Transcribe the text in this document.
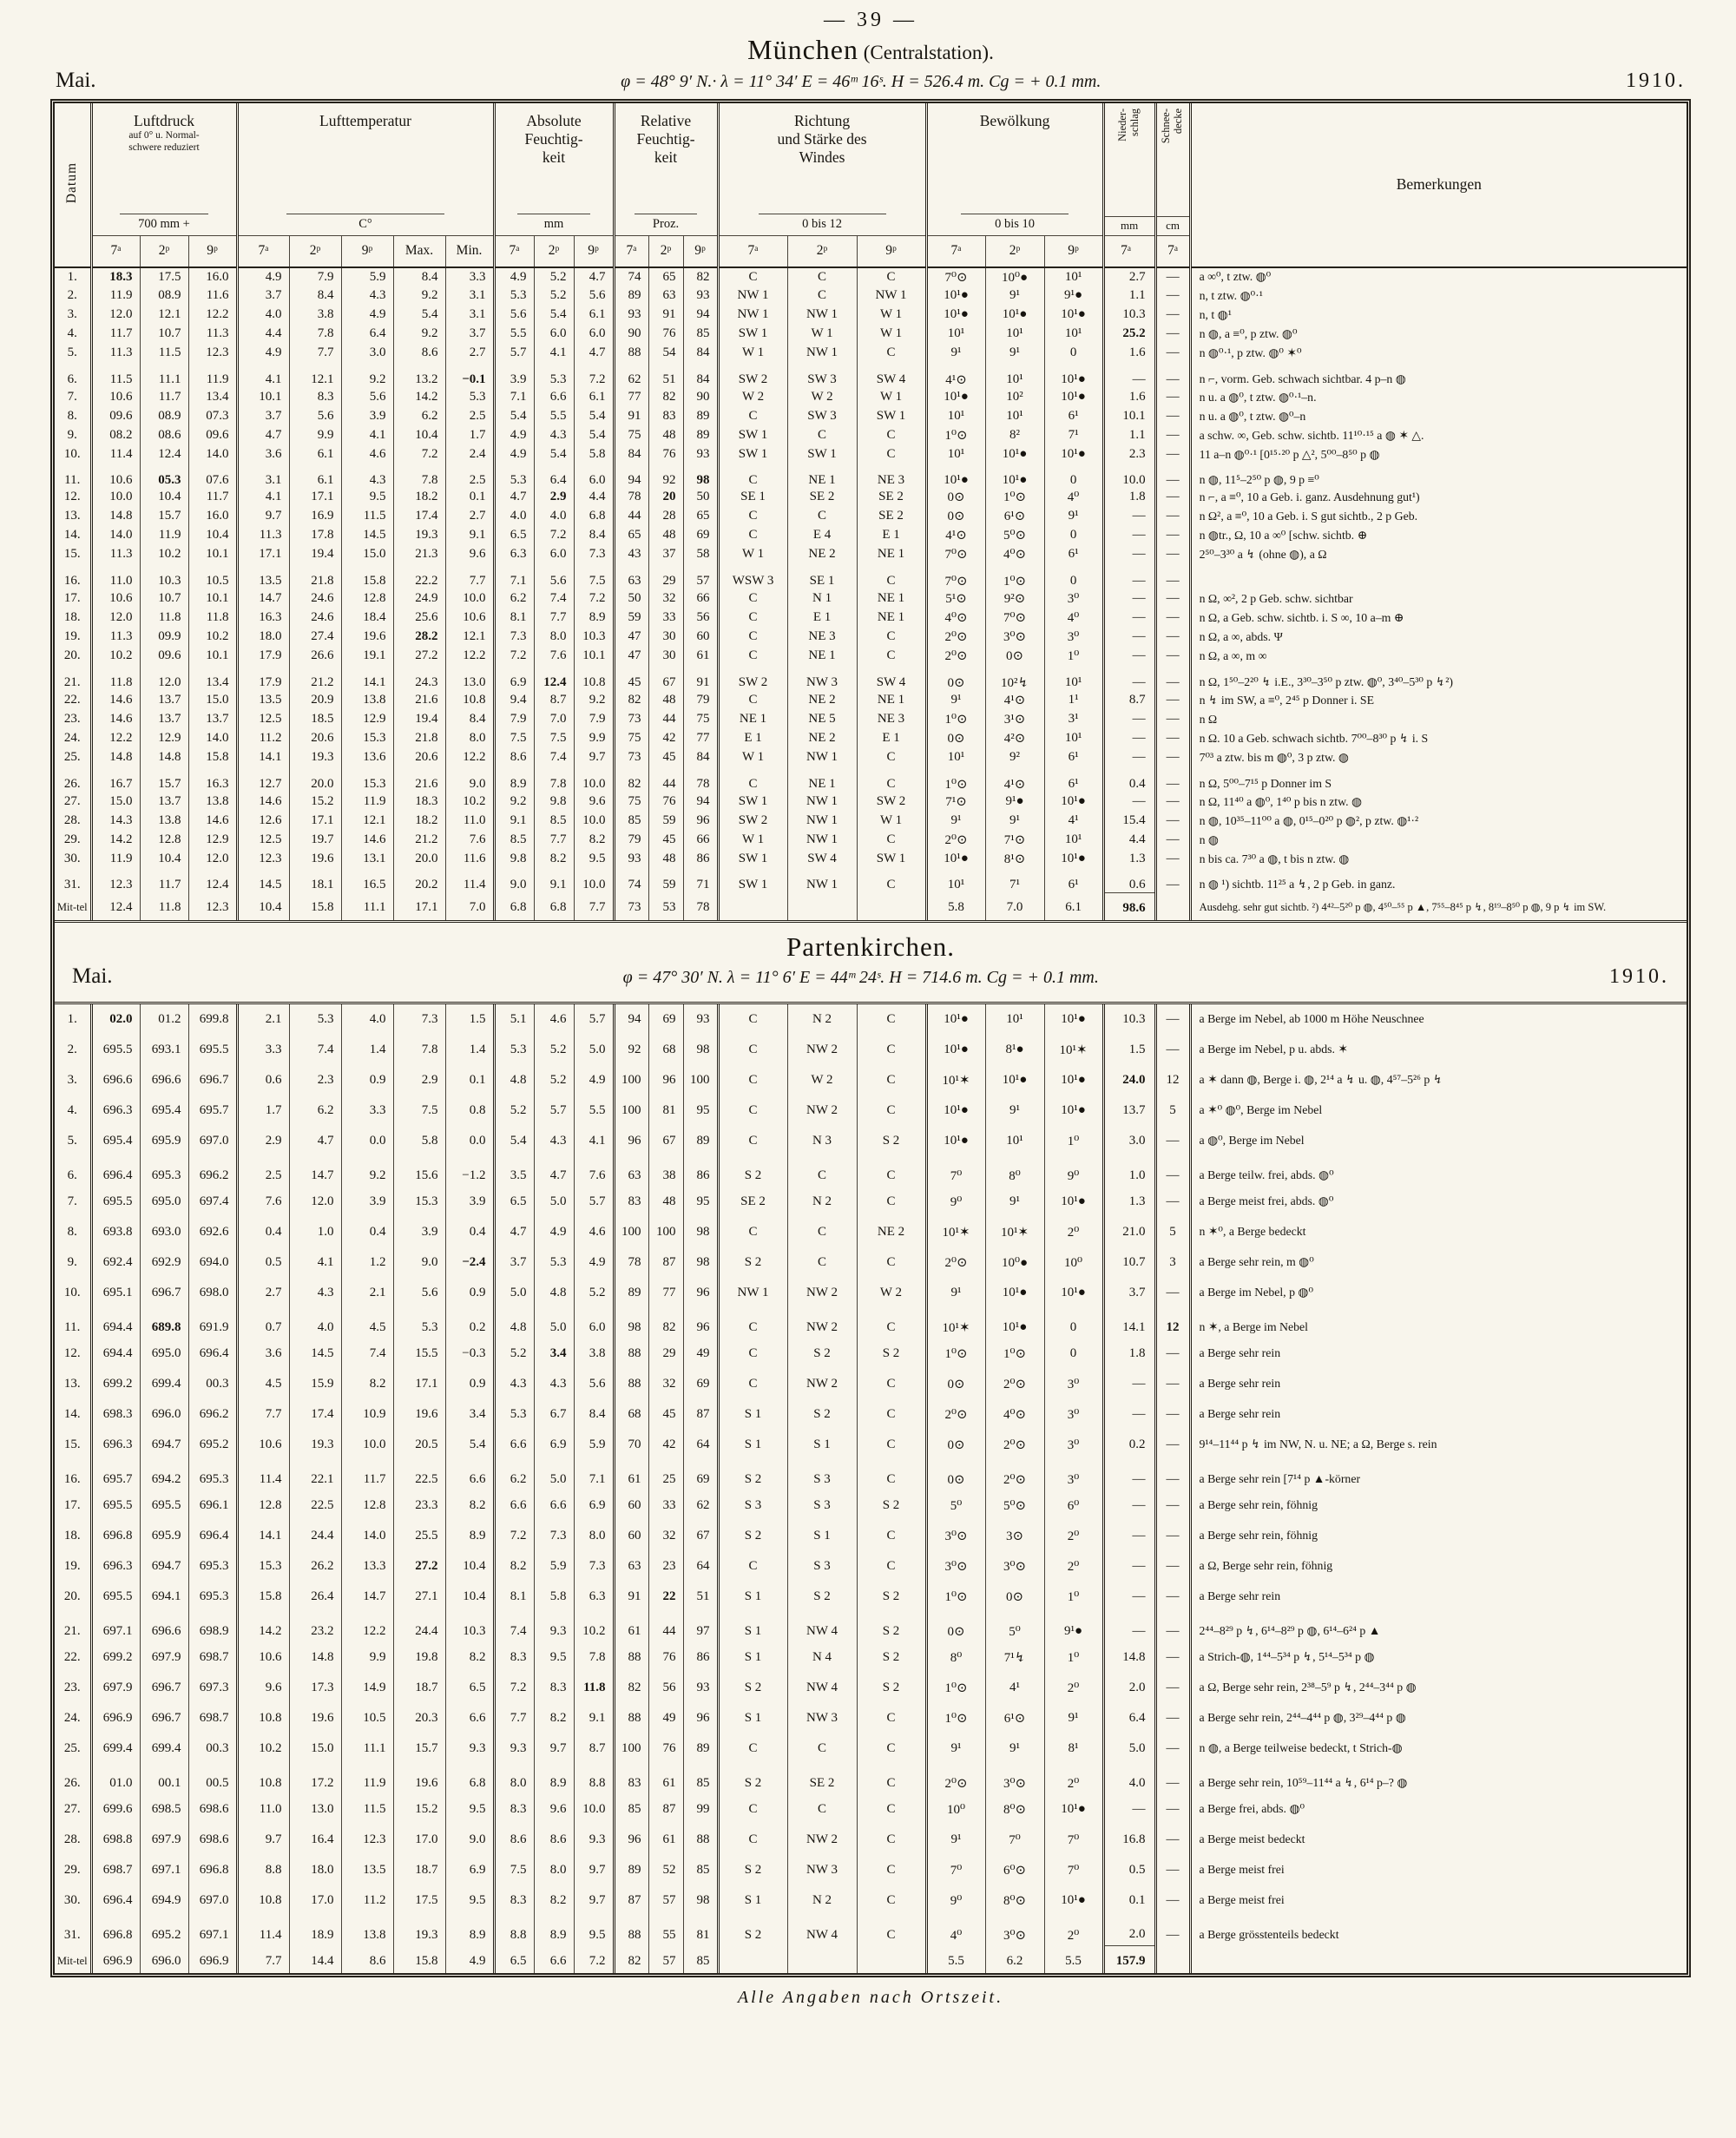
— 39 —
München (Centralstation).
Mai.	φ = 48° 9′ N.· λ = 11° 34′ E = 46ᵐ 16ˢ. H = 526.4 m. Cg = + 0.1 mm.	1910.
Datum	
Luftdruck
auf 0° u. Normal-
schwere reduziert
700 mm +

Lufttemperatur
C°

Absolute
Feuchtig-
keit
mm

Relative
Feuchtig-
keit
Proz.

Richtung
und Stärke des
Windes
0 bis 12

Bewölkung
0 bis 10

Nieder- schlag
mm

Schnee- decke
cm
	Bemerkungen
	7ᵃ	2ᵖ	9ᵖ	7ᵃ	2ᵖ	9ᵖ	Max.	Min.	7ᵃ	2ᵖ	9ᵖ	7ᵃ	2ᵖ	9ᵖ	7ᵃ	2ᵖ	9ᵖ	7ᵃ	2ᵖ	9ᵖ	7ᵃ	7ᵃ	
1.	18.3	17.5	16.0	4.9	7.9	5.9	8.4	3.3	4.9	5.2	4.7	74	65	82	C	C	C	7⁰⊙	10⁰●	10¹	2.7	—	a ∞⁰, t ztw. ◍⁰
2.	11.9	08.9	11.6	3.7	8.4	4.3	9.2	3.1	5.3	5.2	5.6	89	63	93	NW 1	C	NW 1	10¹●	9¹	9¹●	1.1	—	n, t ztw. ◍⁰·¹
3.	12.0	12.1	12.2	4.0	3.8	4.9	5.4	3.1	5.6	5.4	6.1	93	91	94	NW 1	NW 1	W 1	10¹●	10¹●	10¹●	10.3	—	n, t ◍¹
4.	11.7	10.7	11.3	4.4	7.8	6.4	9.2	3.7	5.5	6.0	6.0	90	76	85	SW 1	W 1	W 1	10¹	10¹	10¹	25.2	—	n ◍, a ≡⁰, p ztw. ◍⁰
5.	11.3	11.5	12.3	4.9	7.7	3.0	8.6	2.7	5.7	4.1	4.7	88	54	84	W 1	NW 1	C	9¹	9¹	0	1.6	—	n ◍⁰·¹, p ztw. ◍⁰ ✶⁰
6.	11.5	11.1	11.9	4.1	12.1	9.2	13.2	−0.1	3.9	5.3	7.2	62	51	84	SW 2	SW 3	SW 4	4¹⊙	10¹	10¹●	—	—	n ⌐, vorm. Geb. schwach sichtbar. 4 p–n ◍
7.	10.6	11.7	13.4	10.1	8.3	5.6	14.2	5.3	7.1	6.6	6.1	77	82	90	W 2	W 2	W 1	10¹●	10²	10¹●	1.6	—	n u. a ◍⁰, t ztw. ◍⁰·¹–n.
8.	09.6	08.9	07.3	3.7	5.6	3.9	6.2	2.5	5.4	5.5	5.4	91	83	89	C	SW 3	SW 1	10¹	10¹	6¹	10.1	—	n u. a ◍⁰, t ztw. ◍⁰–n
9.	08.2	08.6	09.6	4.7	9.9	4.1	10.4	1.7	4.9	4.3	5.4	75	48	89	SW 1	C	C	1⁰⊙	8²	7¹	1.1	—	a schw. ∞, Geb. schw. sichtb. 11¹⁰·¹⁵ a ◍ ✶ △.
10.	11.4	12.4	14.0	3.6	6.1	4.6	7.2	2.4	4.9	5.4	5.8	84	76	93	SW 1	SW 1	C	10¹	10¹●	10¹●	2.3	—	11 a–n ◍⁰·¹ [0¹⁵·²⁰ p △², 5⁰⁰–8⁵⁰ p ◍
11.	10.6	05.3	07.6	3.1	6.1	4.3	7.8	2.5	5.3	6.4	6.0	94	92	98	C	NE 1	NE 3	10¹●	10¹●	0	10.0	—	n ◍, 11⁵–2⁵⁰ p ◍, 9 p ≡⁰
12.	10.0	10.4	11.7	4.1	17.1	9.5	18.2	0.1	4.7	2.9	4.4	78	20	50	SE 1	SE 2	SE 2	0⊙	1⁰⊙	4⁰	1.8	—	n ⌐, a ≡⁰, 10 a Geb. i. ganz. Ausdehnung gut¹)
13.	14.8	15.7	16.0	9.7	16.9	11.5	17.4	2.7	4.0	4.0	6.8	44	28	65	C	C	SE 2	0⊙	6¹⊙	9¹	—	—	n Ω², a ≡⁰, 10 a Geb. i. S gut sichtb., 2 p Geb.
14.	14.0	11.9	10.4	11.3	17.8	14.5	19.3	9.1	6.5	7.2	8.4	65	48	69	C	E 4	E 1	4¹⊙	5⁰⊙	0	—	—	n ◍tr., Ω, 10 a ∞⁰ [schw. sichtb. ⊕
15.	11.3	10.2	10.1	17.1	19.4	15.0	21.3	9.6	6.3	6.0	7.3	43	37	58	W 1	NE 2	NE 1	7⁰⊙	4⁰⊙	6¹	—	—	2⁵⁰–3³⁰ a ↯ (ohne ◍), a Ω
16.	11.0	10.3	10.5	13.5	21.8	15.8	22.2	7.7	7.1	5.6	7.5	63	29	57	WSW 3	SE 1	C	7⁰⊙	1⁰⊙	0	—	—	
17.	10.6	10.7	10.1	14.7	24.6	12.8	24.9	10.0	6.2	7.4	7.2	50	32	66	C	N 1	NE 1	5¹⊙	9²⊙	3⁰	—	—	n Ω, ∞², 2 p Geb. schw. sichtbar
18.	12.0	11.8	11.8	16.3	24.6	18.4	25.6	10.6	8.1	7.7	8.9	59	33	56	C	E 1	NE 1	4⁰⊙	7⁰⊙	4⁰	—	—	n Ω, a Geb. schw. sichtb. i. S ∞, 10 a–m ⊕
19.	11.3	09.9	10.2	18.0	27.4	19.6	28.2	12.1	7.3	8.0	10.3	47	30	60	C	NE 3	C	2⁰⊙	3⁰⊙	3⁰	—	—	n Ω, a ∞, abds. Ψ
20.	10.2	09.6	10.1	17.9	26.6	19.1	27.2	12.2	7.2	7.6	10.1	47	30	61	C	NE 1	C	2⁰⊙	0⊙	1⁰	—	—	n Ω, a ∞, m ∞
21.	11.8	12.0	13.4	17.9	21.2	14.1	24.3	13.0	6.9	12.4	10.8	45	67	91	SW 2	NW 3	SW 4	0⊙	10²↯	10¹	—	—	n Ω, 1⁵⁰–2²⁰ ↯ i.E., 3³⁰–3⁵⁰ p ztw. ◍⁰, 3⁴⁰–5³⁰ p ↯²)
22.	14.6	13.7	15.0	13.5	20.9	13.8	21.6	10.8	9.4	8.7	9.2	82	48	79	C	NE 2	NE 1	9¹	4¹⊙	1¹	8.7	—	n ↯ im SW, a ≡⁰, 2⁴⁵ p Donner i. SE
23.	14.6	13.7	13.7	12.5	18.5	12.9	19.4	8.4	7.9	7.0	7.9	73	44	75	NE 1	NE 5	NE 3	1⁰⊙	3¹⊙	3¹	—	—	n Ω
24.	12.2	12.9	14.0	11.2	20.6	15.3	21.8	8.0	7.5	7.5	9.9	75	42	77	E 1	NE 2	E 1	0⊙	4²⊙	10¹	—	—	n Ω. 10 a Geb. schwach sichtb. 7⁰⁰–8³⁰ p ↯ i. S
25.	14.8	14.8	15.8	14.1	19.3	13.6	20.6	12.2	8.6	7.4	9.7	73	45	84	W 1	NW 1	C	10¹	9²	6¹	—	—	7⁰³ a ztw. bis m ◍⁰, 3 p ztw. ◍
26.	16.7	15.7	16.3	12.7	20.0	15.3	21.6	9.0	8.9	7.8	10.0	82	44	78	C	NE 1	C	1⁰⊙	4¹⊙	6¹	0.4	—	n Ω, 5⁰⁰–7¹⁵ p Donner im S
27.	15.0	13.7	13.8	14.6	15.2	11.9	18.3	10.2	9.2	9.8	9.6	75	76	94	SW 1	NW 1	SW 2	7¹⊙	9¹●	10¹●	—	—	n Ω, 11⁴⁰ a ◍⁰, 1⁴⁰ p bis n ztw. ◍
28.	14.3	13.8	14.6	12.6	17.1	12.1	18.2	11.0	9.1	8.5	10.0	85	59	96	SW 2	NW 1	W 1	9¹	9¹	4¹	15.4	—	n ◍, 10³⁵–11⁰⁰ a ◍, 0¹⁵–0²⁰ p ◍², p ztw. ◍¹·²
29.	14.2	12.8	12.9	12.5	19.7	14.6	21.2	7.6	8.5	7.7	8.2	79	45	66	W 1	NW 1	C	2⁰⊙	7¹⊙	10¹	4.4	—	n ◍
30.	11.9	10.4	12.0	12.3	19.6	13.1	20.0	11.6	9.8	8.2	9.5	93	48	86	SW 1	SW 4	SW 1	10¹●	8¹⊙	10¹●	1.3	—	n bis ca. 7³⁰ a ◍, t bis n ztw. ◍
31.	12.3	11.7	12.4	14.5	18.1	16.5	20.2	11.4	9.0	9.1	10.0	74	59	71	SW 1	NW 1	C	10¹	7¹	6¹	0.6	—	n ◍ ¹) sichtb. 11²⁵ a ↯, 2 p Geb. in ganz.
Mit-tel	12.4	11.8	12.3	10.4	15.8	11.1	17.1	7.0	6.8	6.8	7.7	73	53	78				5.8	7.0	6.1	98.6		Ausdehg. sehr gut sichtb. ²) 4⁴²–5²⁰ p ◍, 4⁵⁰–⁵⁵ p ▲, 7⁵⁵–8⁴⁵ p ↯, 8¹⁹–8⁵⁰ p ◍, 9 p ↯ im SW.
Partenkirchen.
Mai.	φ = 47° 30′ N. λ = 11° 6′ E = 44ᵐ 24ˢ. H = 714.6 m. Cg = + 0.1 mm.	1910.
1.	02.0	01.2	699.8	2.1	5.3	4.0	7.3	1.5	5.1	4.6	5.7	94	69	93	C	N 2	C	10¹●	10¹	10¹●	10.3	—	a Berge im Nebel, ab 1000 m Höhe Neuschnee
2.	695.5	693.1	695.5	3.3	7.4	1.4	7.8	1.4	5.3	5.2	5.0	92	68	98	C	NW 2	C	10¹●	8¹●	10¹✶	1.5	—	a Berge im Nebel, p u. abds. ✶
3.	696.6	696.6	696.7	0.6	2.3	0.9	2.9	0.1	4.8	5.2	4.9	100	96	100	C	W 2	C	10¹✶	10¹●	10¹●	24.0	12	a ✶ dann ◍, Berge i. ◍, 2¹⁴ a ↯ u. ◍, 4⁵⁷–5²⁶ p ↯
4.	696.3	695.4	695.7	1.7	6.2	3.3	7.5	0.8	5.2	5.7	5.5	100	81	95	C	NW 2	C	10¹●	9¹	10¹●	13.7	5	a ✶⁰ ◍⁰, Berge im Nebel
5.	695.4	695.9	697.0	2.9	4.7	0.0	5.8	0.0	5.4	4.3	4.1	96	67	89	C	N 3	S 2	10¹●	10¹	1⁰	3.0	—	a ◍⁰, Berge im Nebel
6.	696.4	695.3	696.2	2.5	14.7	9.2	15.6	−1.2	3.5	4.7	7.6	63	38	86	S 2	C	C	7⁰	8⁰	9⁰	1.0	—	a Berge teilw. frei, abds. ◍⁰
7.	695.5	695.0	697.4	7.6	12.0	3.9	15.3	3.9	6.5	5.0	5.7	83	48	95	SE 2	N 2	C	9⁰	9¹	10¹●	1.3	—	a Berge meist frei, abds. ◍⁰
8.	693.8	693.0	692.6	0.4	1.0	0.4	3.9	0.4	4.7	4.9	4.6	100	100	98	C	C	NE 2	10¹✶	10¹✶	2⁰	21.0	5	n ✶⁰, a Berge bedeckt
9.	692.4	692.9	694.0	0.5	4.1	1.2	9.0	−2.4	3.7	5.3	4.9	78	87	98	S 2	C	C	2⁰⊙	10⁰●	10⁰	10.7	3	a Berge sehr rein, m ◍⁰
10.	695.1	696.7	698.0	2.7	4.3	2.1	5.6	0.9	5.0	4.8	5.2	89	77	96	NW 1	NW 2	W 2	9¹	10¹●	10¹●	3.7	—	a Berge im Nebel, p ◍⁰
11.	694.4	689.8	691.9	0.7	4.0	4.5	5.3	0.2	4.8	5.0	6.0	98	82	96	C	NW 2	C	10¹✶	10¹●	0	14.1	12	n ✶, a Berge im Nebel
12.	694.4	695.0	696.4	3.6	14.5	7.4	15.5	−0.3	5.2	3.4	3.8	88	29	49	C	S 2	S 2	1⁰⊙	1⁰⊙	0	1.8	—	a Berge sehr rein
13.	699.2	699.4	00.3	4.5	15.9	8.2	17.1	0.9	4.3	4.3	5.6	88	32	69	C	NW 2	C	0⊙	2⁰⊙	3⁰	—	—	a Berge sehr rein
14.	698.3	696.0	696.2	7.7	17.4	10.9	19.6	3.4	5.3	6.7	8.4	68	45	87	S 1	S 2	C	2⁰⊙	4⁰⊙	3⁰	—	—	a Berge sehr rein
15.	696.3	694.7	695.2	10.6	19.3	10.0	20.5	5.4	6.6	6.9	5.9	70	42	64	S 1	S 1	C	0⊙	2⁰⊙	3⁰	0.2	—	9¹⁴–11⁴⁴ p ↯ im NW, N. u. NE; a Ω, Berge s. rein
16.	695.7	694.2	695.3	11.4	22.1	11.7	22.5	6.6	6.2	5.0	7.1	61	25	69	S 2	S 3	C	0⊙	2⁰⊙	3⁰	—	—	a Berge sehr rein [7¹⁴ p ▲-körner
17.	695.5	695.5	696.1	12.8	22.5	12.8	23.3	8.2	6.6	6.6	6.9	60	33	62	S 3	S 3	S 2	5⁰	5⁰⊙	6⁰	—	—	a Berge sehr rein, föhnig
18.	696.8	695.9	696.4	14.1	24.4	14.0	25.5	8.9	7.2	7.3	8.0	60	32	67	S 2	S 1	C	3⁰⊙	3⊙	2⁰	—	—	a Berge sehr rein, föhnig
19.	696.3	694.7	695.3	15.3	26.2	13.3	27.2	10.4	8.2	5.9	7.3	63	23	64	C	S 3	C	3⁰⊙	3⁰⊙	2⁰	—	—	a Ω, Berge sehr rein, föhnig
20.	695.5	694.1	695.3	15.8	26.4	14.7	27.1	10.4	8.1	5.8	6.3	91	22	51	S 1	S 2	S 2	1⁰⊙	0⊙	1⁰	—	—	a Berge sehr rein
21.	697.1	696.6	698.9	14.2	23.2	12.2	24.4	10.3	7.4	9.3	10.2	61	44	97	S 1	NW 4	S 2	0⊙	5⁰	9¹●	—	—	2⁴⁴–8²⁹ p ↯, 6¹⁴–8²⁹ p ◍, 6¹⁴–6²⁴ p ▲
22.	699.2	697.9	698.7	10.6	14.8	9.9	19.8	8.2	8.3	9.5	7.8	88	76	86	S 1	N 4	S 2	8⁰	7¹↯	1⁰	14.8	—	a Strich-◍, 1⁴⁴–5³⁴ p ↯, 5¹⁴–5³⁴ p ◍
23.	697.9	696.7	697.3	9.6	17.3	14.9	18.7	6.5	7.2	8.3	11.8	82	56	93	S 2	NW 4	S 2	1⁰⊙	4¹	2⁰	2.0	—	a Ω, Berge sehr rein, 2³⁸–5⁹ p ↯, 2⁴⁴–3⁴⁴ p ◍
24.	696.9	696.7	698.7	10.8	19.6	10.5	20.3	6.6	7.7	8.2	9.1	88	49	96	S 1	NW 3	C	1⁰⊙	6¹⊙	9¹	6.4	—	a Berge sehr rein, 2⁴⁴–4⁴⁴ p ◍, 3²⁹–4⁴⁴ p ◍
25.	699.4	699.4	00.3	10.2	15.0	11.1	15.7	9.3	9.3	9.7	8.7	100	76	89	C	C	C	9¹	9¹	8¹	5.0	—	n ◍, a Berge teilweise bedeckt, t Strich-◍
26.	01.0	00.1	00.5	10.8	17.2	11.9	19.6	6.8	8.0	8.9	8.8	83	61	85	S 2	SE 2	C	2⁰⊙	3⁰⊙	2⁰	4.0	—	a Berge sehr rein, 10⁵⁹–11⁴⁴ a ↯, 6¹⁴ p–? ◍
27.	699.6	698.5	698.6	11.0	13.0	11.5	15.2	9.5	8.3	9.6	10.0	85	87	99	C	C	C	10⁰	8⁰⊙	10¹●	—	—	a Berge frei, abds. ◍⁰
28.	698.8	697.9	698.6	9.7	16.4	12.3	17.0	9.0	8.6	8.6	9.3	96	61	88	C	NW 2	C	9¹	7⁰	7⁰	16.8	—	a Berge meist bedeckt
29.	698.7	697.1	696.8	8.8	18.0	13.5	18.7	6.9	7.5	8.0	9.7	89	52	85	S 2	NW 3	C	7⁰	6⁰⊙	7⁰	0.5	—	a Berge meist frei
30.	696.4	694.9	697.0	10.8	17.0	11.2	17.5	9.5	8.3	8.2	9.7	87	57	98	S 1	N 2	C	9⁰	8⁰⊙	10¹●	0.1	—	a Berge meist frei
31.	696.8	695.2	697.1	11.4	18.9	13.8	19.3	8.9	8.8	8.9	9.5	88	55	81	S 2	NW 4	C	4⁰	3⁰⊙	2⁰	2.0	—	a Berge grösstenteils bedeckt
Mit-tel	696.9	696.0	696.9	7.7	14.4	8.6	15.8	4.9	6.5	6.6	7.2	82	57	85				5.5	6.2	5.5	157.9		
Alle Angaben nach Ortszeit.
